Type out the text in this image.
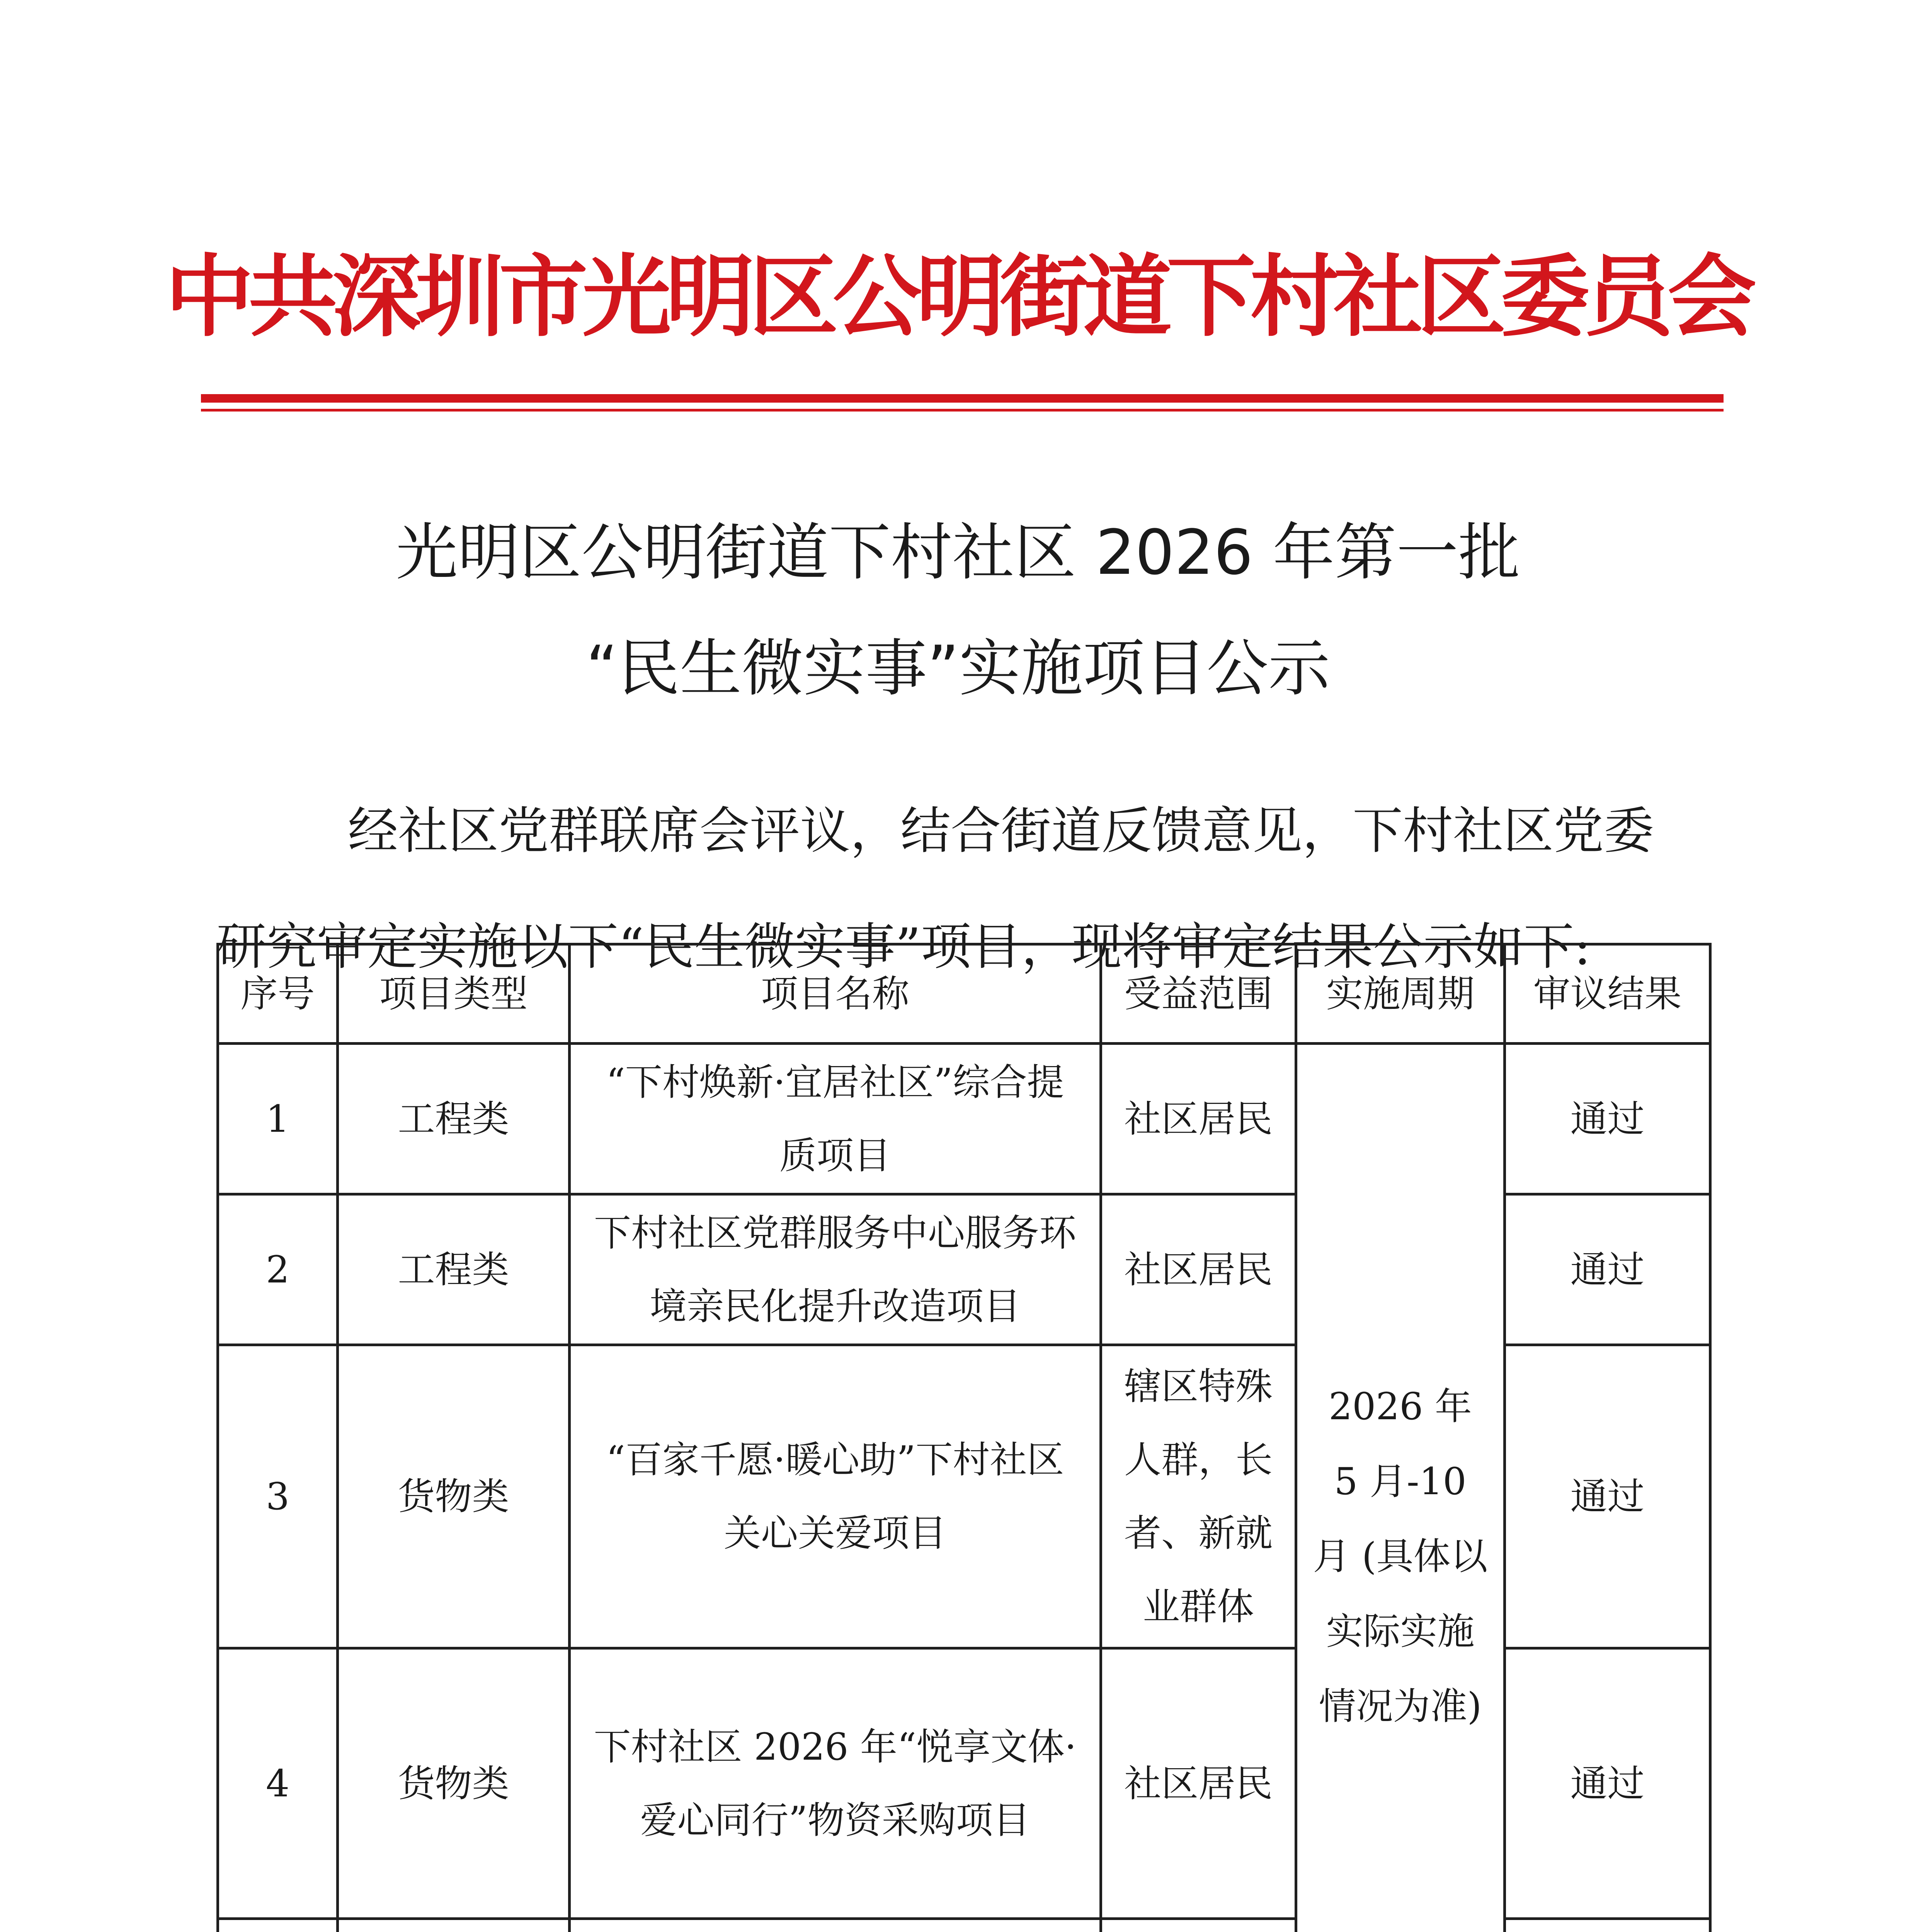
中共深圳市光明区公明街道下村社区委员会
光明区公明街道下村社区 2026 年第一批
“民生微实事”实施项目公示
经社区党群联席会评议，结合街道反馈意见，下村社区党委
研究审定实施以下“民生微实事”项目，现将审定结果公示如下:
序号	项目类型	项目名称	受益范围	实施周期	审议结果
1	工程类	“下村焕新·宜居社区”综合提质项目	社区居民	2026 年 5 月-10 月 (具体以实际实施情况为准)	通过
2	工程类	下村社区党群服务中心服务环境亲民化提升改造项目	社区居民		通过
3	货物类	“百家千愿·暖心助”下村社区关心关爱项目	辖区特殊人群，长者、新就业群体		通过
4	货物类	下村社区 2026 年“悦享文体·爱心同行”物资采购项目	社区居民		通过
